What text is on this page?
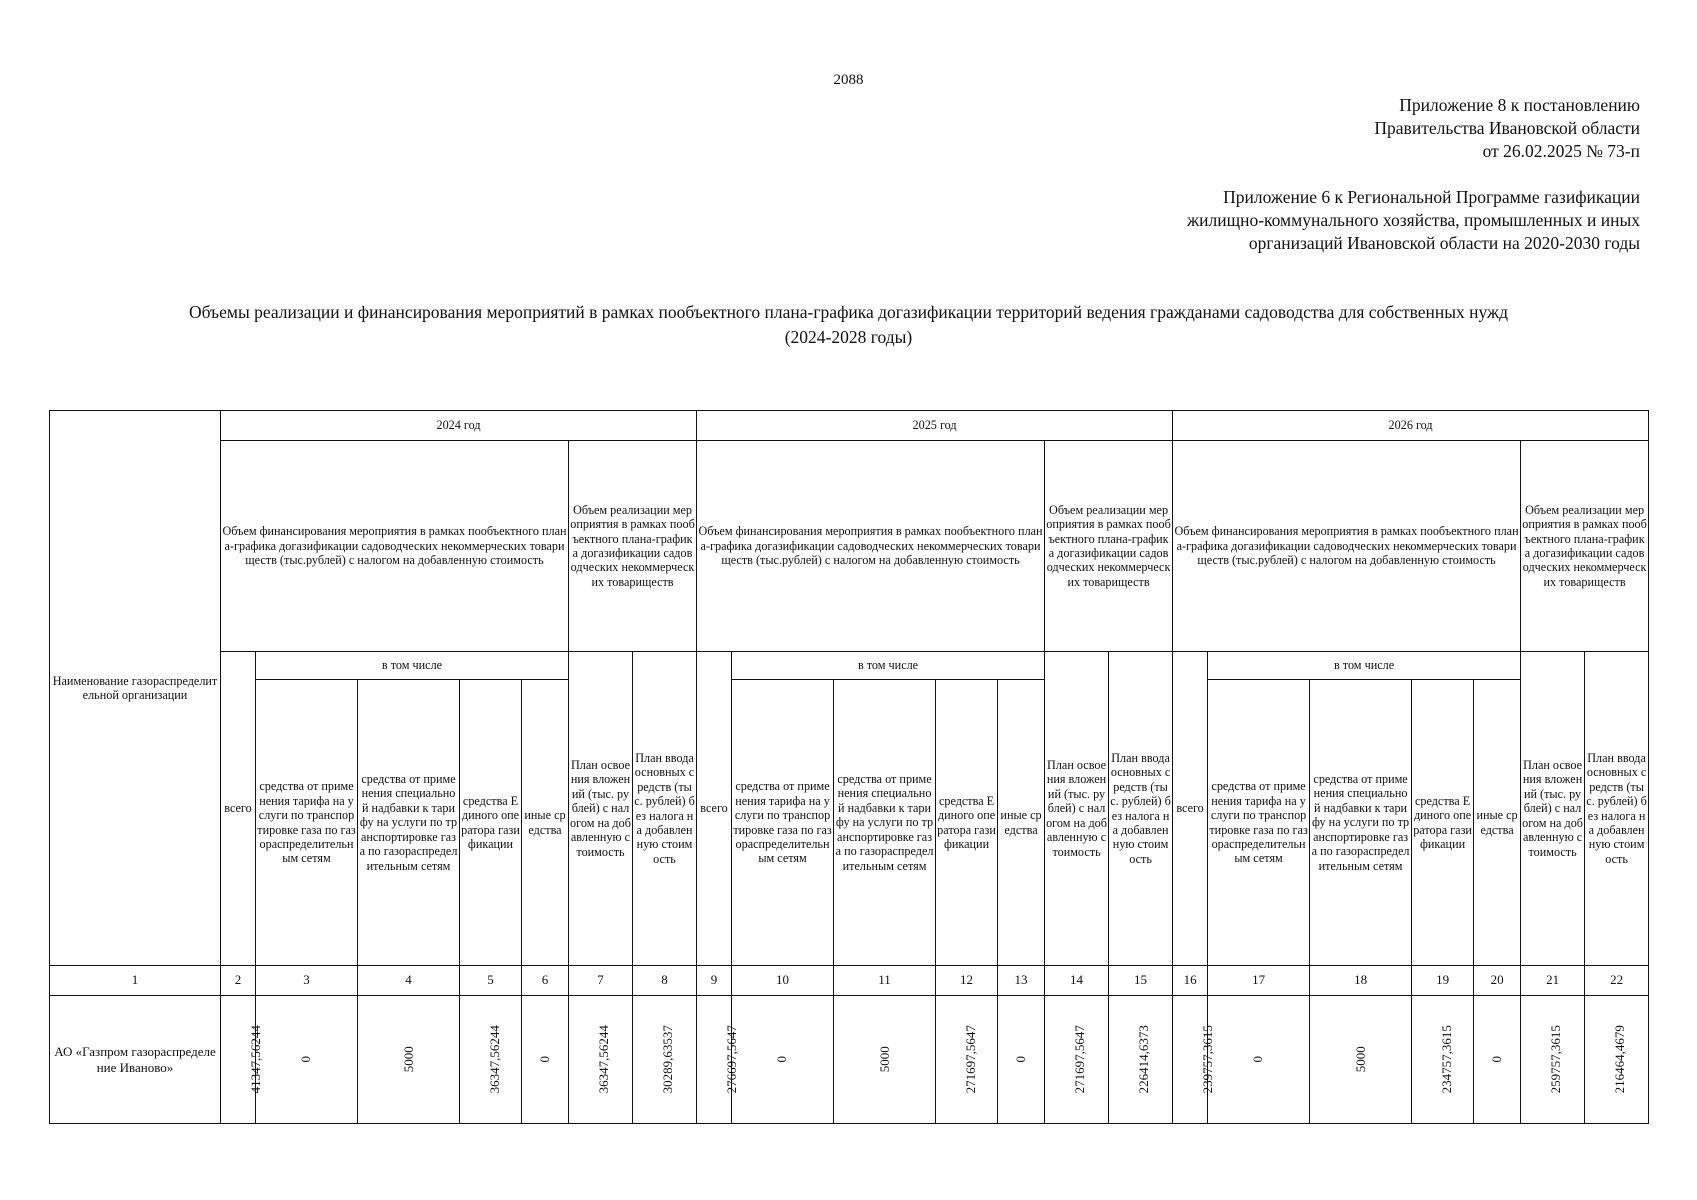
2088
Приложение 8 к постановлению
Правительства Ивановской области
от 26.02.2025 № 73-п
Приложение 6 к Региональной Программе газификации
жилищно-коммунального хозяйства, промышленных и иных
организаций Ивановской области на 2020-2030 годы
Объемы реализации и финансирования мероприятий в рамках пообъектного плана-графика догазификации территорий ведения гражданами садоводства для собственных нужд
(2024-2028 годы)
Наименование газораспределительной организации	2024 год							2025 год							2026 год						
	Объем финансирования мероприятия в рамках пообъектного плана-графика догазификации садоводческих некоммерческих товариществ (тыс.рублей) с налогом на добавленную стоимость					Объем реализации мероприятия в рамках пообъектного плана-графика догазификации садоводческих некоммерческих товариществ		Объем финансирования мероприятия в рамках пообъектного плана-графика догазификации садоводческих некоммерческих товариществ (тыс.рублей) с налогом на добавленную стоимость					Объем реализации мероприятия в рамках пообъектного плана-графика догазификации садоводческих некоммерческих товариществ		Объем финансирования мероприятия в рамках пообъектного плана-графика догазификации садоводческих некоммерческих товариществ (тыс.рублей) с налогом на добавленную стоимость					Объем реализации мероприятия в рамках пообъектного плана-графика догазификации садоводческих некоммерческих товариществ	
	всего	в том числе				План освоения вложений (тыс. рублей) с налогом на добавленную стоимость	План ввода основных средств (тыс. рублей) без налога на добавленную стоимость	всего	в том числе				План освоения вложений (тыс. рублей) с налогом на добавленную стоимость	План ввода основных средств (тыс. рублей) без налога на добавленную стоимость	всего	в том числе				План освоения вложений (тыс. рублей) с налогом на добавленную стоимость	План ввода основных средств (тыс. рублей) без налога на добавленную стоимость
		средства от применения тарифа на услуги по транспортировке газа по газораспределительным сетям	средства от применения специальной надбавки к тарифу на услуги по транспортировке газа по газораспределительным сетям	средства Единого оператора газификации	иные средства				средства от применения тарифа на услуги по транспортировке газа по газораспределительным сетям	средства от применения специальной надбавки к тарифу на услуги по транспортировке газа по газораспределительным сетям	средства Единого оператора газификации	иные средства				средства от применения тарифа на услуги по транспортировке газа по газораспределительным сетям	средства от применения специальной надбавки к тарифу на услуги по транспортировке газа по газораспределительным сетям	средства Единого оператора газификации	иные средства		
1	2	3	4	5	6	7	8	9	10	11	12	13	14	15	16	17	18	19	20	21	22
АО «Газпром газораспределение Иваново»	41347,56244	0	5000	36347,56244	0	36347,56244	30289,63537	276697,5647	0	5000	271697,5647	0	271697,5647	226414,6373	239757,3615	0	5000	234757,3615	0	259757,3615	216464,4679
